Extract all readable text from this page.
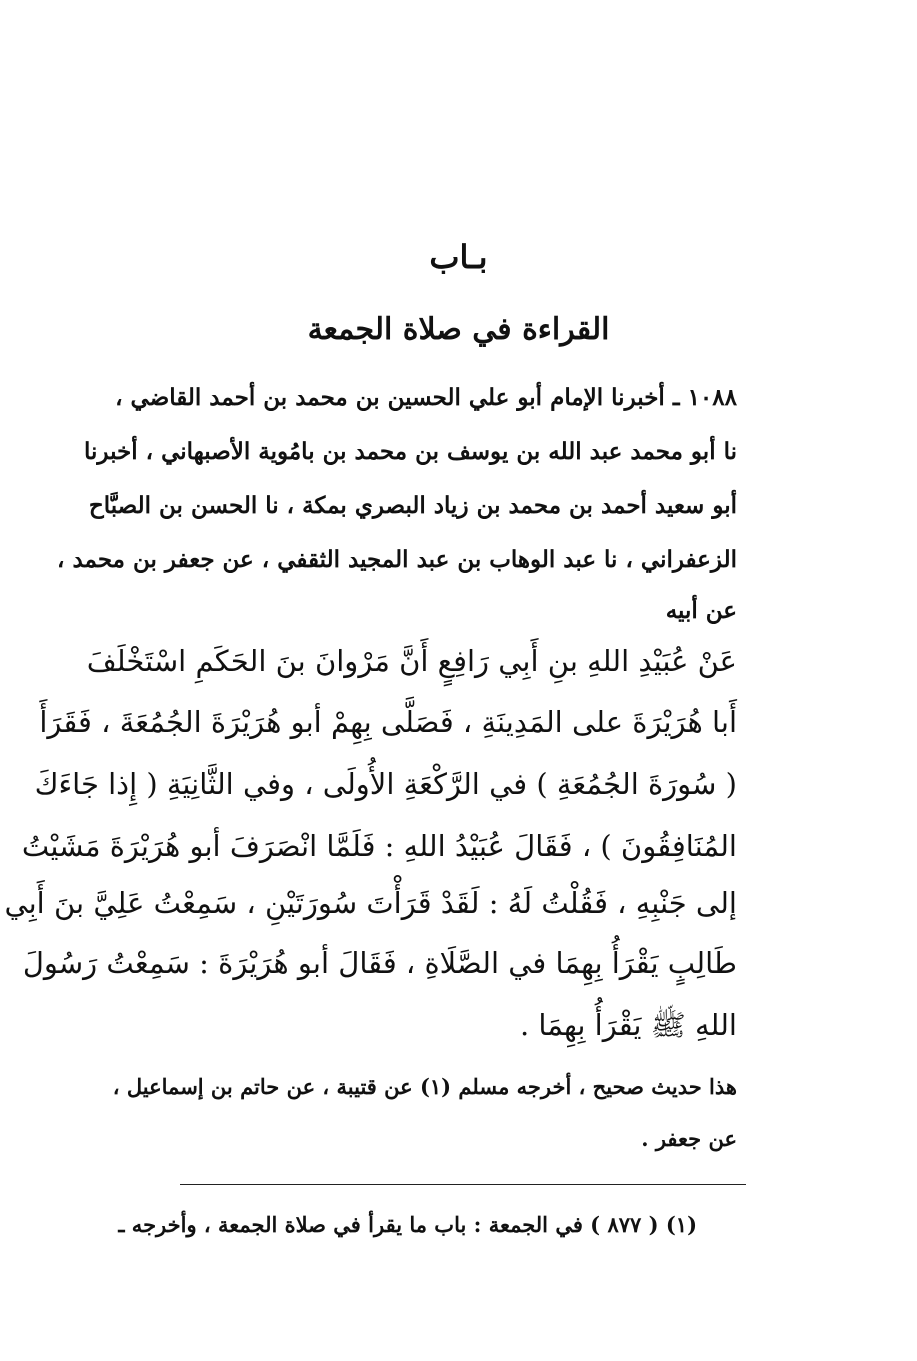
بـاب
القراءة في صلاة الجمعة
١٠٨٨ ـ أخبرنا الإمام أبو علي الحسين بن محمد بن أحمد القاضي ،
نا أبو محمد عبد الله بن يوسف بن محمد بن بامُوية الأصبهاني ، أخبرنا
أبو سعيد أحمد بن محمد بن زياد البصري بمكة ، نا الحسن بن الصبَّاح
الزعفراني ، نا عبد الوهاب بن عبد المجيد الثقفي ، عن جعفر بن محمد ،
عن أبيه
عَنْ عُبَيْدِ اللهِ بنِ أَبِي رَافِعٍ أَنَّ مَرْوانَ بنَ الحَكَمِ اسْتَخْلَفَ
أَبا هُرَيْرَةَ على المَدِينَةِ ، فَصَلَّى بِهِمْ أبو هُرَيْرَةَ الجُمُعَةَ ، فَقَرَأَ
( سُورَةَ الجُمُعَةِ ) في الرَّكْعَةِ الأُولَى ، وفي الثَّانِيَةِ ( إِذا جَاءَكَ
المُنَافِقُونَ ) ، فَقَالَ عُبَيْدُ اللهِ : فَلَمَّا انْصَرَفَ أبو هُرَيْرَةَ مَشَيْتُ
إلى جَنْبِهِ ، فَقُلْتُ لَهُ : لَقَدْ قَرَأْتَ سُورَتَيْنِ ، سَمِعْتُ عَلِيَّ بنَ أَبِي
طَالِبٍ يَقْرَأُ بِهِمَا في الصَّلَاةِ ، فَقَالَ أبو هُرَيْرَةَ : سَمِعْتُ رَسُولَ
اللهِ ﷺ يَقْرَأُ بِهِمَا .
هذا حديث صحيح ، أخرجه مسلم (١) عن قتيبة ، عن حاتم بن إسماعيل ،
عن جعفر .
(١) ( ٨٧٧ ) في الجمعة : باب ما يقرأ في صلاة الجمعة ، وأخرجه ـ
